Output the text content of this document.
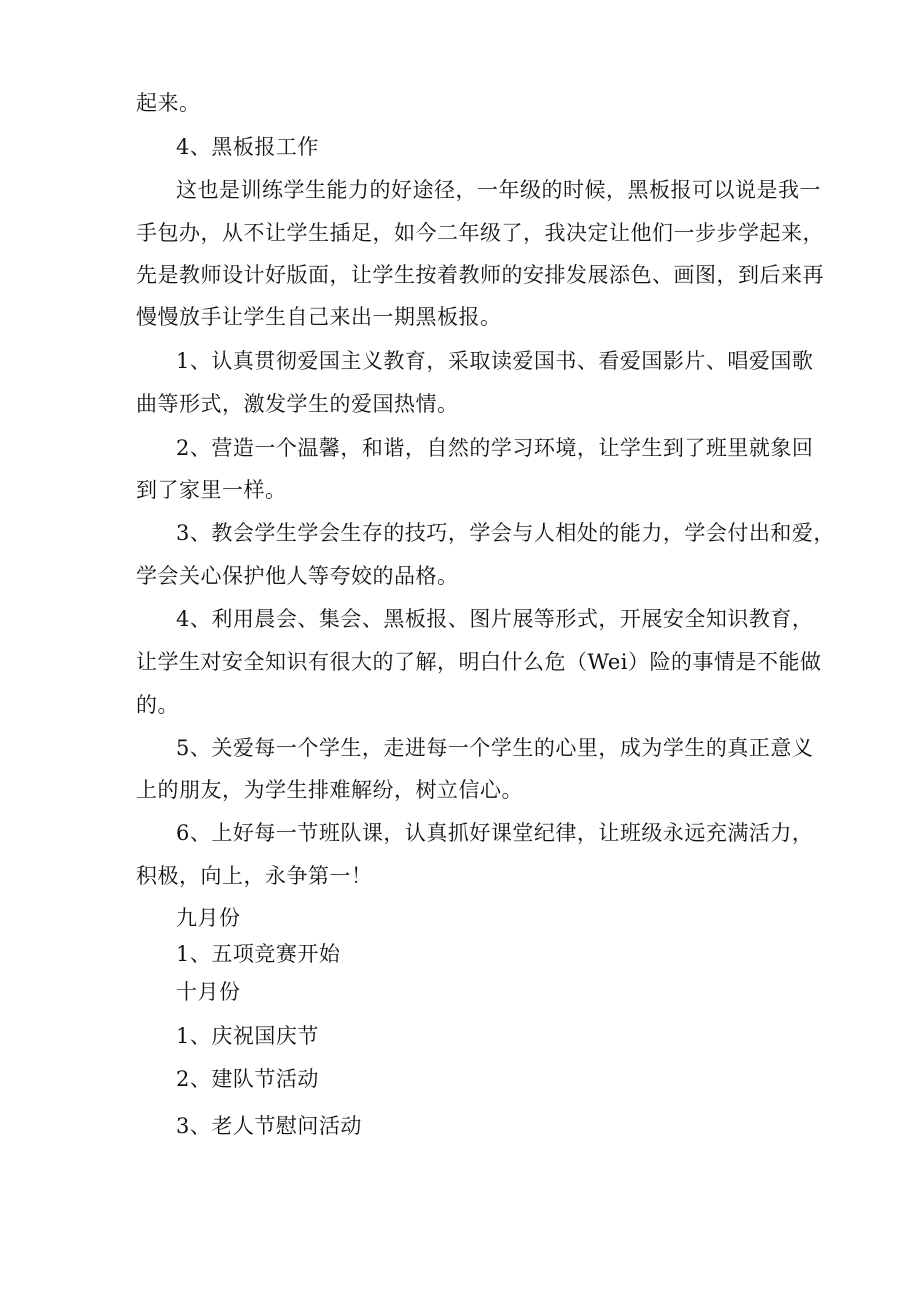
起来。
4、黑板报工作
这也是训练学生能力的好途径，一年级的时候，黑板报可以说是我一
手包办，从不让学生插足，如今二年级了，我决定让他们一步步学起来，
先是教师设计好版面，让学生按着教师的安排发展添色、画图，到后来再
慢慢放手让学生自己来出一期黑板报。
1、认真贯彻爱国主义教育，采取读爱国书、看爱国影片、唱爱国歌
曲等形式，激发学生的爱国热情。
2、营造一个温馨，和谐，自然的学习环境，让学生到了班里就象回
到了家里一样。
3、教会学生学会生存的技巧，学会与人相处的能力，学会付出和爱，
学会关心保护他人等夸姣的品格。
4、利用晨会、集会、黑板报、图片展等形式，开展安全知识教育，
让学生对安全知识有很大的了解，明白什么危（Wei）险的事情是不能做
的。
5、关爱每一个学生，走进每一个学生的心里，成为学生的真正意义
上的朋友，为学生排难解纷，树立信心。
6、上好每一节班队课，认真抓好课堂纪律，让班级永远充满活力，
积极，向上，永争第一！
九月份
1、五项竞赛开始
十月份
1、庆祝国庆节
2、建队节活动
3、老人节慰问活动
